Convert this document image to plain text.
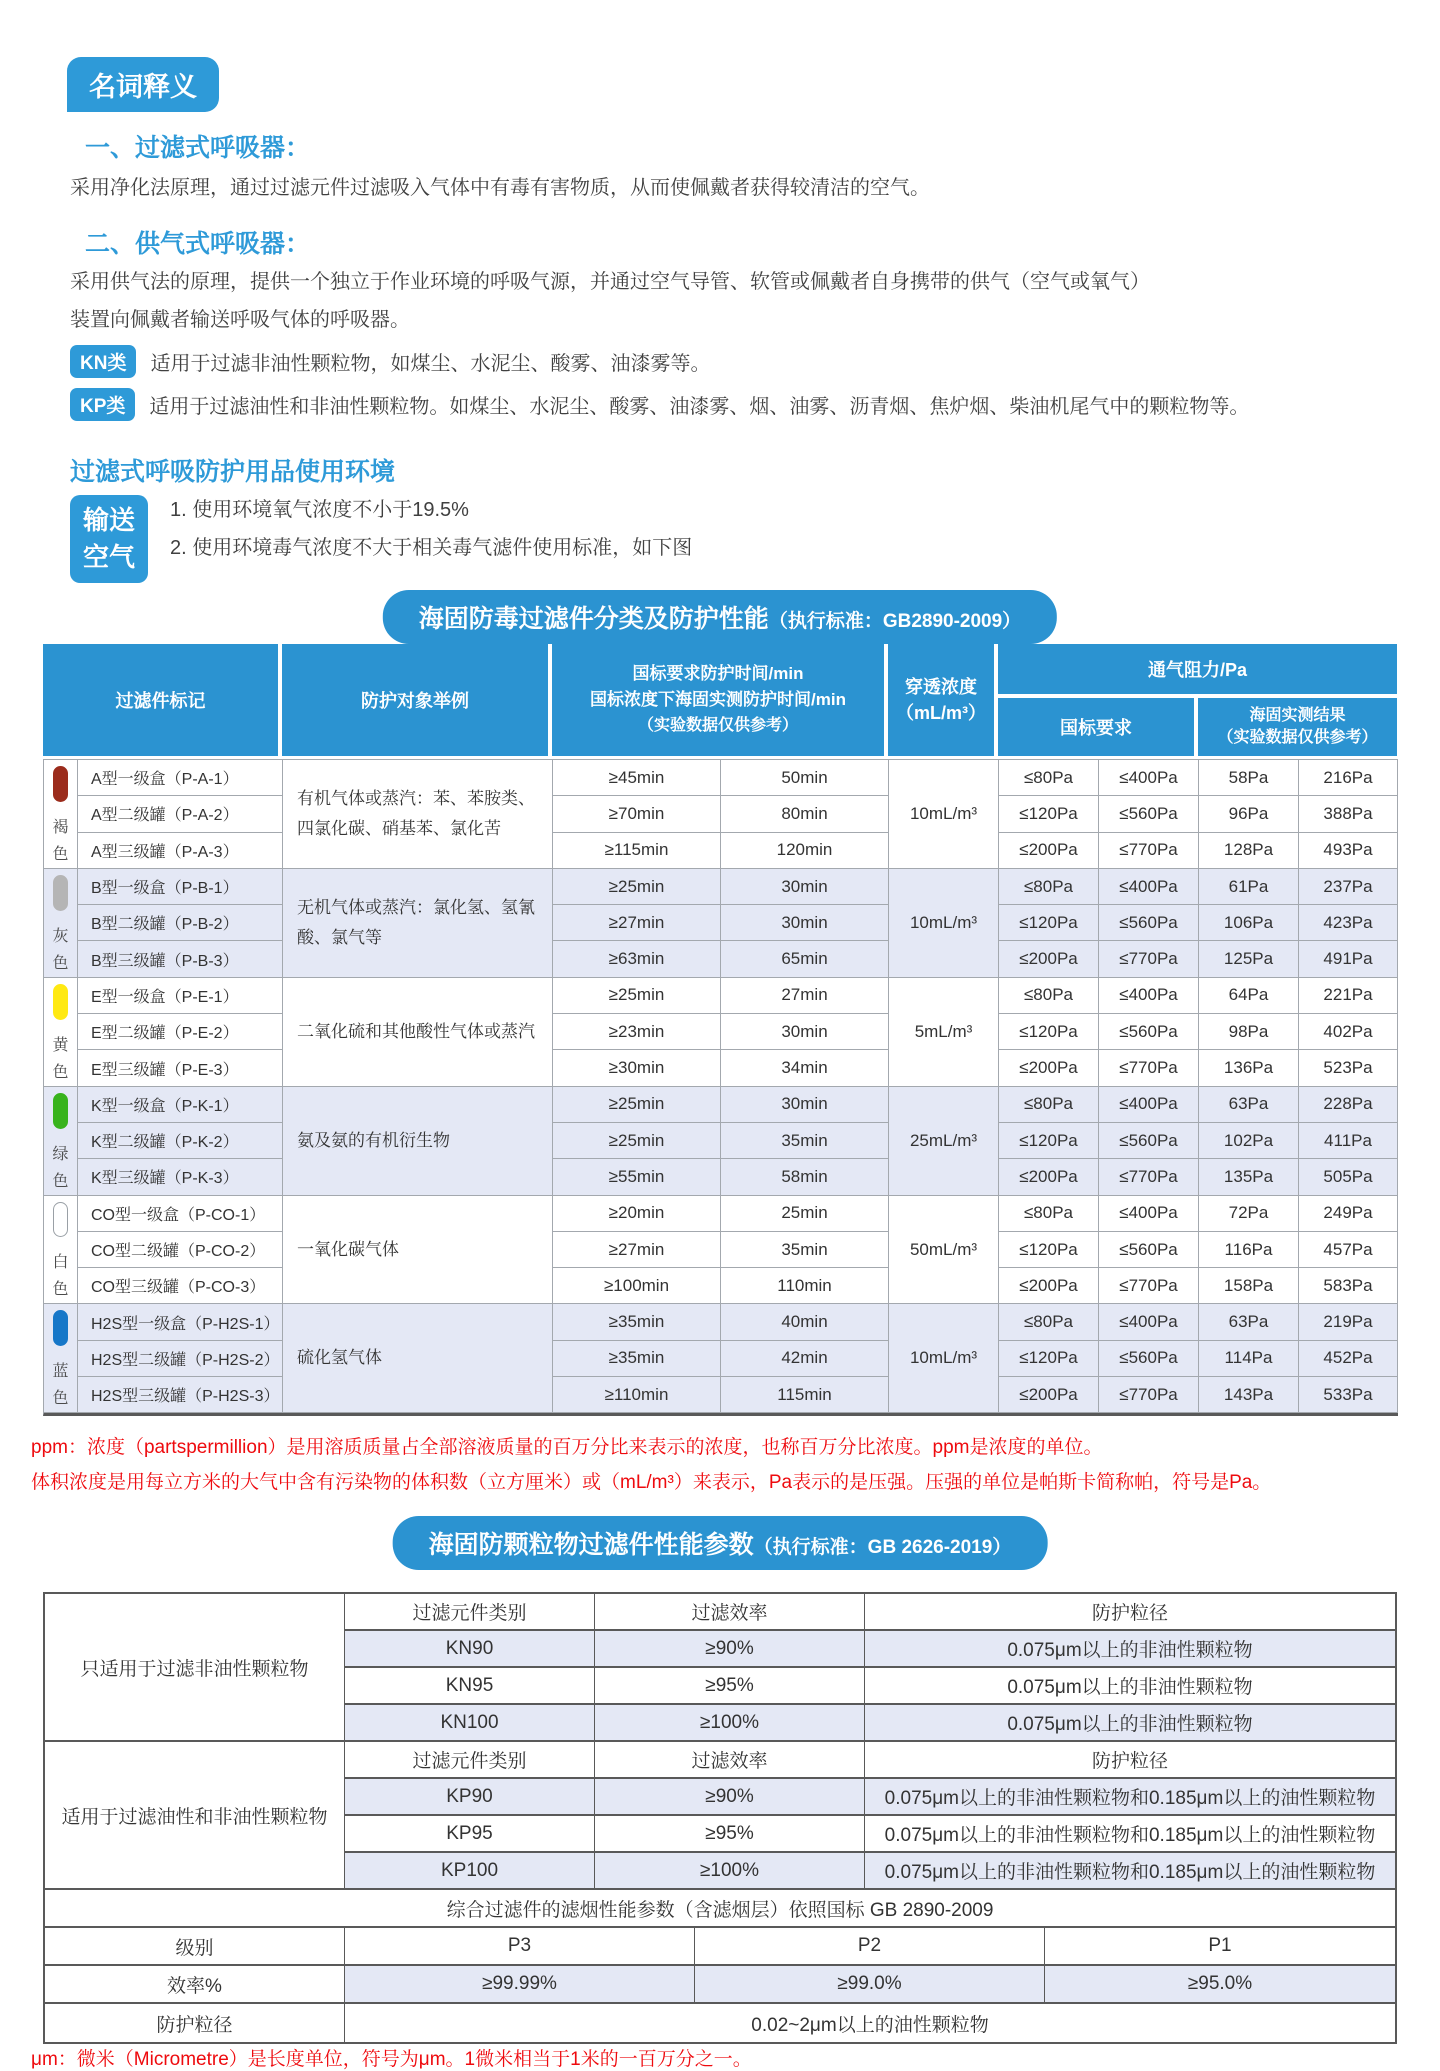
名词释义
一、过滤式呼吸器：
采用净化法原理，通过过滤元件过滤吸入气体中有毒有害物质，从而使佩戴者获得较清洁的空气。
二、供气式呼吸器：
采用供气法的原理，提供一个独立于作业环境的呼吸气源，并通过空气导管、软管或佩戴者自身携带的供气（空气或氧气）
装置向佩戴者输送呼吸气体的呼吸器。
KN类	适用于过滤非油性颗粒物，如煤尘、水泥尘、酸雾、油漆雾等。
KP类	适用于过滤油性和非油性颗粒物。如煤尘、水泥尘、酸雾、油漆雾、烟、油雾、沥青烟、焦炉烟、柴油机尾气中的颗粒物等。
过滤式呼吸防护用品使用环境
输送
空气
1. 使用环境氧气浓度不小于19.5%
2. 使用环境毒气浓度不大于相关毒气滤件使用标准，如下图
海固防毒过滤件分类及防护性能（执行标准：GB2890-2009）
过滤件标记	防护对象举例
国标要求防护时间/min
国标浓度下海固实测防护时间/min
（实验数据仅供参考）
穿透浓度
（mL/m³）
通气阻力/Pa
国标要求
海固实测结果
（实验数据仅供参考）
褐
色
有机气体或蒸汽：苯、苯胺类、四氯化碳、硝基苯、氯化苦
10mL/m³
A型一级盒（P-A-1）	≥45min	50min	≤80Pa	≤400Pa	58Pa	216Pa
A型二级罐（P-A-2）	≥70min	80min	≤120Pa	≤560Pa	96Pa	388Pa
A型三级罐（P-A-3）	≥115min	120min	≤200Pa	≤770Pa	128Pa	493Pa
灰
色
无机气体或蒸汽：氯化氢、氢氰酸、氯气等
10mL/m³
B型一级盒（P-B-1）	≥25min	30min	≤80Pa	≤400Pa	61Pa	237Pa
B型二级罐（P-B-2）	≥27min	30min	≤120Pa	≤560Pa	106Pa	423Pa
B型三级罐（P-B-3）	≥63min	65min	≤200Pa	≤770Pa	125Pa	491Pa
黄
色
二氧化硫和其他酸性气体或蒸汽	5mL/m³
E型一级盒（P-E-1）	≥25min	27min	≤80Pa	≤400Pa	64Pa	221Pa
E型二级罐（P-E-2）	≥23min	30min	≤120Pa	≤560Pa	98Pa	402Pa
E型三级罐（P-E-3）	≥30min	34min	≤200Pa	≤770Pa	136Pa	523Pa
绿
色
氨及氨的有机衍生物	25mL/m³
K型一级盒（P-K-1）	≥25min	30min	≤80Pa	≤400Pa	63Pa	228Pa
K型二级罐（P-K-2）	≥25min	35min	≤120Pa	≤560Pa	102Pa	411Pa
K型三级罐（P-K-3）	≥55min	58min	≤200Pa	≤770Pa	135Pa	505Pa
白
色
一氧化碳气体	50mL/m³
CO型一级盒（P-CO-1）	≥20min	25min	≤80Pa	≤400Pa	72Pa	249Pa
CO型二级罐（P-CO-2）	≥27min	35min	≤120Pa	≤560Pa	116Pa	457Pa
CO型三级罐（P-CO-3）	≥100min	110min	≤200Pa	≤770Pa	158Pa	583Pa
蓝
色
硫化氢气体	10mL/m³
H2S型一级盒（P-H2S-1）	≥35min	40min	≤80Pa	≤400Pa	63Pa	219Pa
H2S型二级罐（P-H2S-2）	≥35min	42min	≤120Pa	≤560Pa	114Pa	452Pa
H2S型三级罐（P-H2S-3）	≥110min	115min	≤200Pa	≤770Pa	143Pa	533Pa
ppm：浓度（partspermillion）是用溶质质量占全部溶液质量的百万分比来表示的浓度，也称百万分比浓度。ppm是浓度的单位。
体积浓度是用每立方米的大气中含有污染物的体积数（立方厘米）或（mL/m³）来表示，Pa表示的是压强。压强的单位是帕斯卡简称帕，符号是Pa。
海固防颗粒物过滤件性能参数（执行标准：GB 2626-2019）
只适用于过滤非油性颗粒物
过滤元件类别	过滤效率	防护粒径
KN90	≥90%	0.075μm以上的非油性颗粒物
KN95	≥95%	0.075μm以上的非油性颗粒物
KN100	≥100%	0.075μm以上的非油性颗粒物
适用于过滤油性和非油性颗粒物
过滤元件类别	过滤效率	防护粒径
KP90	≥90%	0.075μm以上的非油性颗粒物和0.185μm以上的油性颗粒物
KP95	≥95%	0.075μm以上的非油性颗粒物和0.185μm以上的油性颗粒物
KP100	≥100%	0.075μm以上的非油性颗粒物和0.185μm以上的油性颗粒物
综合过滤件的滤烟性能参数（含滤烟层）依照国标 GB 2890-2009
级别	P3	P2	P1
效率%	≥99.99%	≥99.0%	≥95.0%
防护粒径	0.02~2μm以上的油性颗粒物
μm：微米（Micrometre）是长度单位，符号为μm。1微米相当于1米的一百万分之一。
